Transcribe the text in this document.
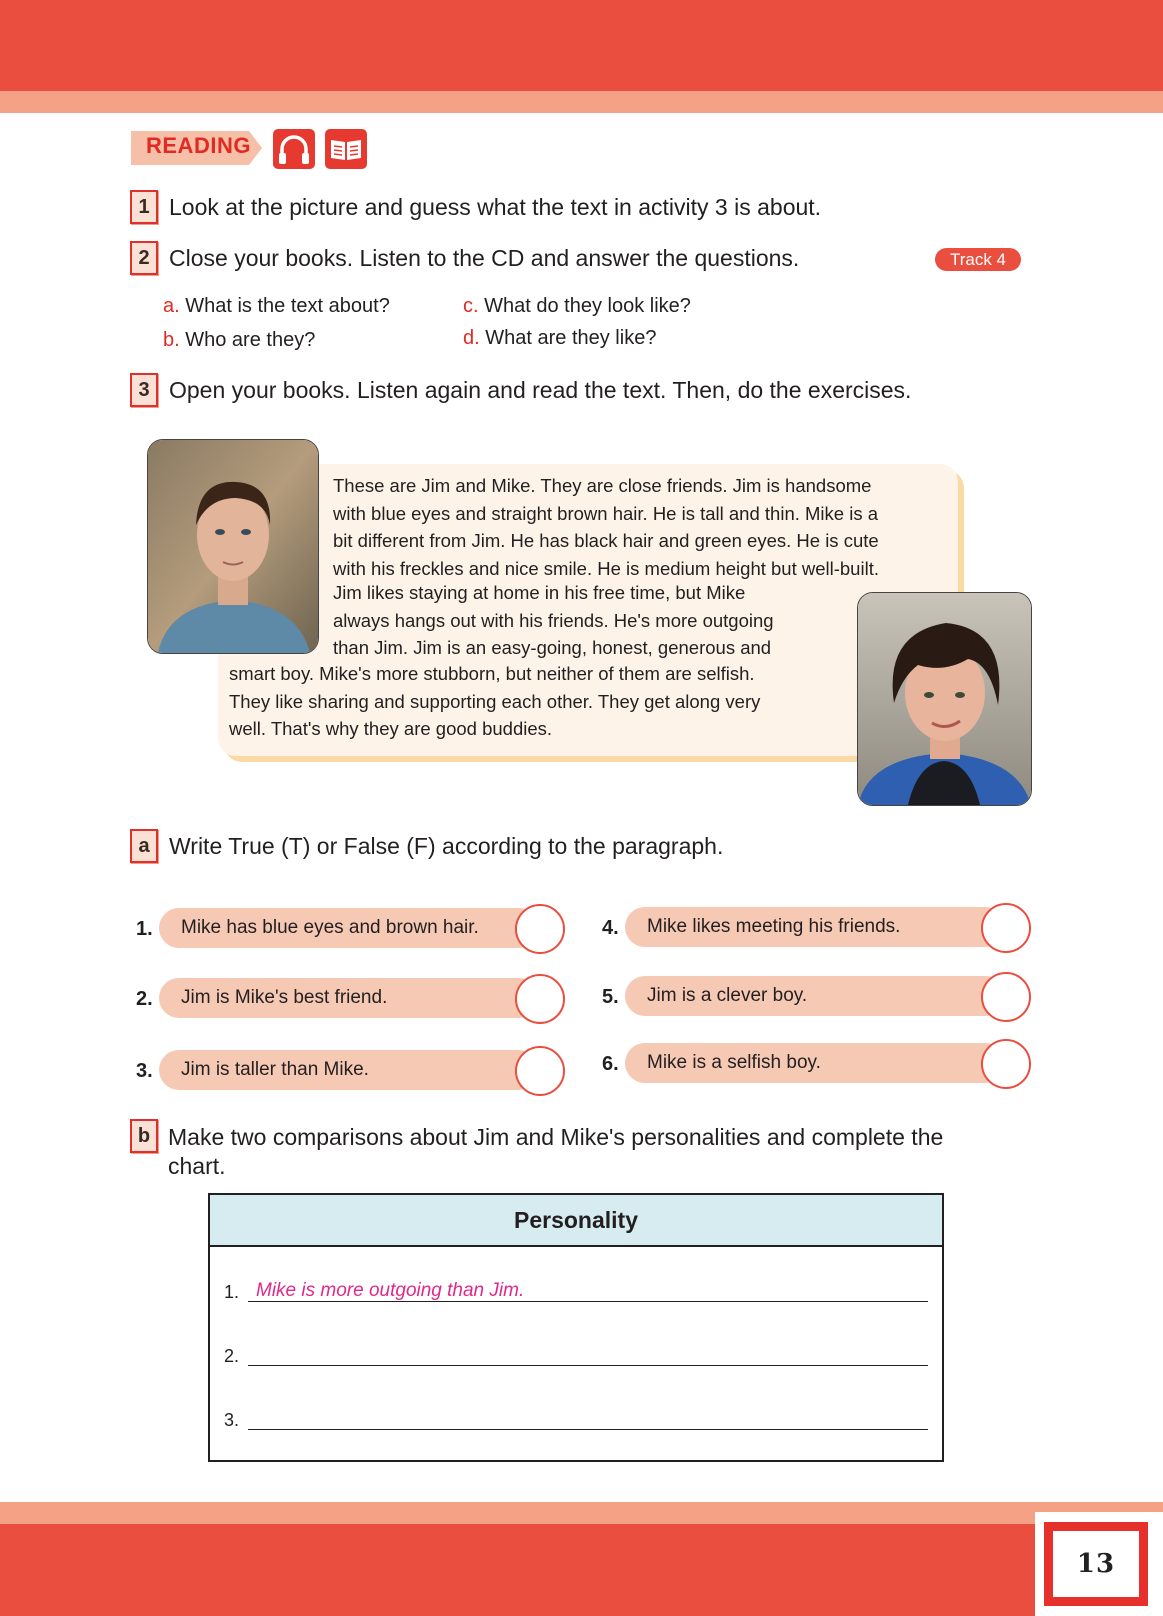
13
READING
1 Look at the picture and guess what the text in activity 3 is about.
2 Close your books. Listen to the CD and answer the questions.	Track 4
a. What is the text about?
b. Who are they?
c. What do they look like?
d. What are they like?
3 Open your books. Listen again and read the text. Then, do the exercises.
These are Jim and Mike. They are close friends. Jim is handsome
with blue eyes and straight brown hair. He is tall and thin. Mike is a
bit different from Jim. He has black hair and green eyes. He is cute
with his freckles and nice smile. He is medium height but well-built.
Jim likes staying at home in his free time, but Mike
always hangs out with his friends. He's more outgoing
than Jim. Jim is an easy-going, honest, generous and
smart boy. Mike's more stubborn, but neither of them are selfish.
They like sharing and supporting each other. They get along very
well. That's why they are good buddies.
a Write True (T) or False (F) according to the paragraph.
1.	Mike has blue eyes and brown hair.
2.	Jim is Mike's best friend.
3.	Jim is taller than Mike.
4.	Mike likes meeting his friends.
5.	Jim is a clever boy.
6.	Mike is a selfish boy.
b Make two comparisons about Jim and Mike's personalities and complete the
chart.
Personality
1. Mike is more outgoing than Jim.
2.
3.
